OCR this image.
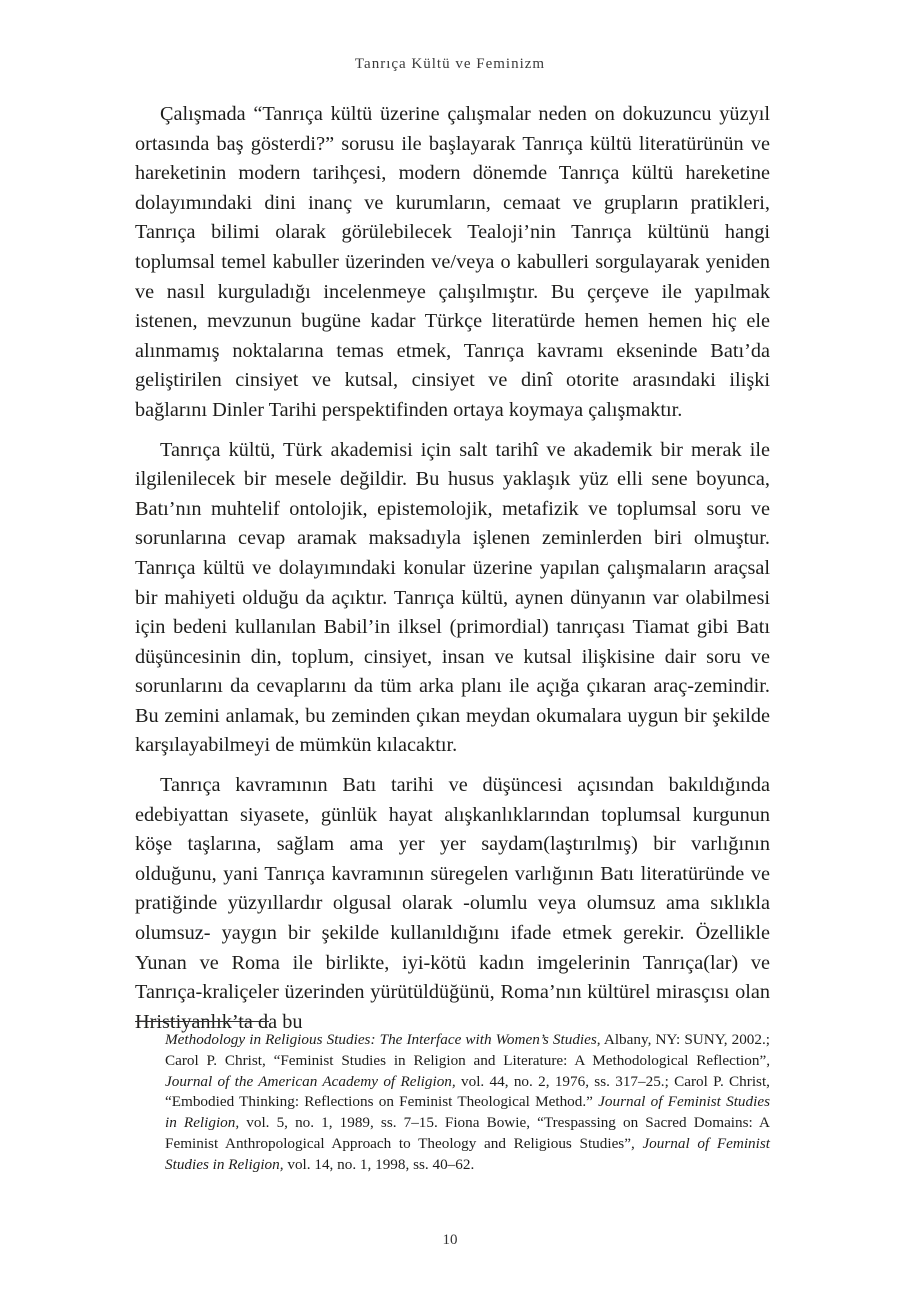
Tanrıça Kültü ve Feminizm

Çalışmada “Tanrıça kültü üzerine çalışmalar neden on dokuzuncu yüzyıl ortasında baş gösterdi?” sorusu ile başlayarak Tanrıça kültü literatürünün ve hareketinin modern tarihçesi, modern dönemde Tanrıça kültü hareketine dolayımındaki dini inanç ve kurumların, cemaat ve grupların pratikleri, Tanrıça bilimi olarak görülebilecek Tealoji’nin Tanrıça kültünü hangi toplumsal temel kabuller üzerinden ve/veya o kabulleri sorgulayarak yeniden ve nasıl kurguladığı incelenmeye çalışılmıştır. Bu çerçeve ile yapılmak istenen, mevzunun bugüne kadar Türkçe literatürde hemen hemen hiç ele alınmamış noktalarına temas etmek, Tanrıça kavramı ekseninde Batı’da geliştirilen cinsiyet ve kutsal, cinsiyet ve dinî otorite arasındaki ilişki bağlarını Dinler Tarihi perspektifinden ortaya koymaya çalışmaktır.

Tanrıça kültü, Türk akademisi için salt tarihî ve akademik bir merak ile ilgilenilecek bir mesele değildir. Bu husus yaklaşık yüz elli sene boyunca, Batı’nın muhtelif ontolojik, epistemolojik, metafizik ve toplumsal soru ve sorunlarına cevap aramak maksadıyla işlenen zeminlerden biri olmuştur. Tanrıça kültü ve dolayımındaki konular üzerine yapılan çalışmaların araçsal bir mahiyeti olduğu da açıktır. Tanrıça kültü, aynen dünyanın var olabilmesi için bedeni kullanılan Babil’in ilksel (primordial) tanrıçası Tiamat gibi Batı düşüncesinin din, toplum, cinsiyet, insan ve kutsal ilişkisine dair soru ve sorunlarını da cevaplarını da tüm arka planı ile açığa çıkaran araç-zemindir. Bu zemini anlamak, bu zeminden çıkan meydan okumalara uygun bir şekilde karşılayabilmeyi de mümkün kılacaktır.

Tanrıça kavramının Batı tarihi ve düşüncesi açısından bakıldığında edebiyattan siyasete, günlük hayat alışkanlıklarından toplumsal kurgunun köşe taşlarına, sağlam ama yer yer saydam(laştırılmış) bir varlığının olduğunu, yani Tanrıça kavramının süregelen varlığının Batı literatüründe ve pratiğinde yüzyıllardır olgusal olarak -olumlu veya olumsuz ama sıklıkla olumsuz- yaygın bir şekilde kullanıldığını ifade etmek gerekir. Özellikle Yunan ve Roma ile birlikte, iyi-kötü kadın imgelerinin Tanrıça(lar) ve Tanrıça-kraliçeler üzerinden yürütüldüğünü, Roma’nın kültürel mirasçısı olan Hristiyanlık’ta da bu

Methodology in Religious Studies: The Interface with Women’s Studies, Albany, NY: SUNY, 2002.; Carol P. Christ, “Feminist Studies in Religion and Literature: A Methodological Reflection”, Journal of the American Academy of Religion, vol. 44, no. 2, 1976, ss. 317–25.; Carol P. Christ, “Embodied Thinking: Reflections on Feminist Theological Method.” Journal of Feminist Studies in Religion, vol. 5, no. 1, 1989, ss. 7–15. Fiona Bowie, “Trespassing on Sacred Domains: A Feminist Anthropological Approach to Theology and Religious Studies”, Journal of Feminist Studies in Religion, vol. 14, no. 1, 1998, ss. 40–62.
10
